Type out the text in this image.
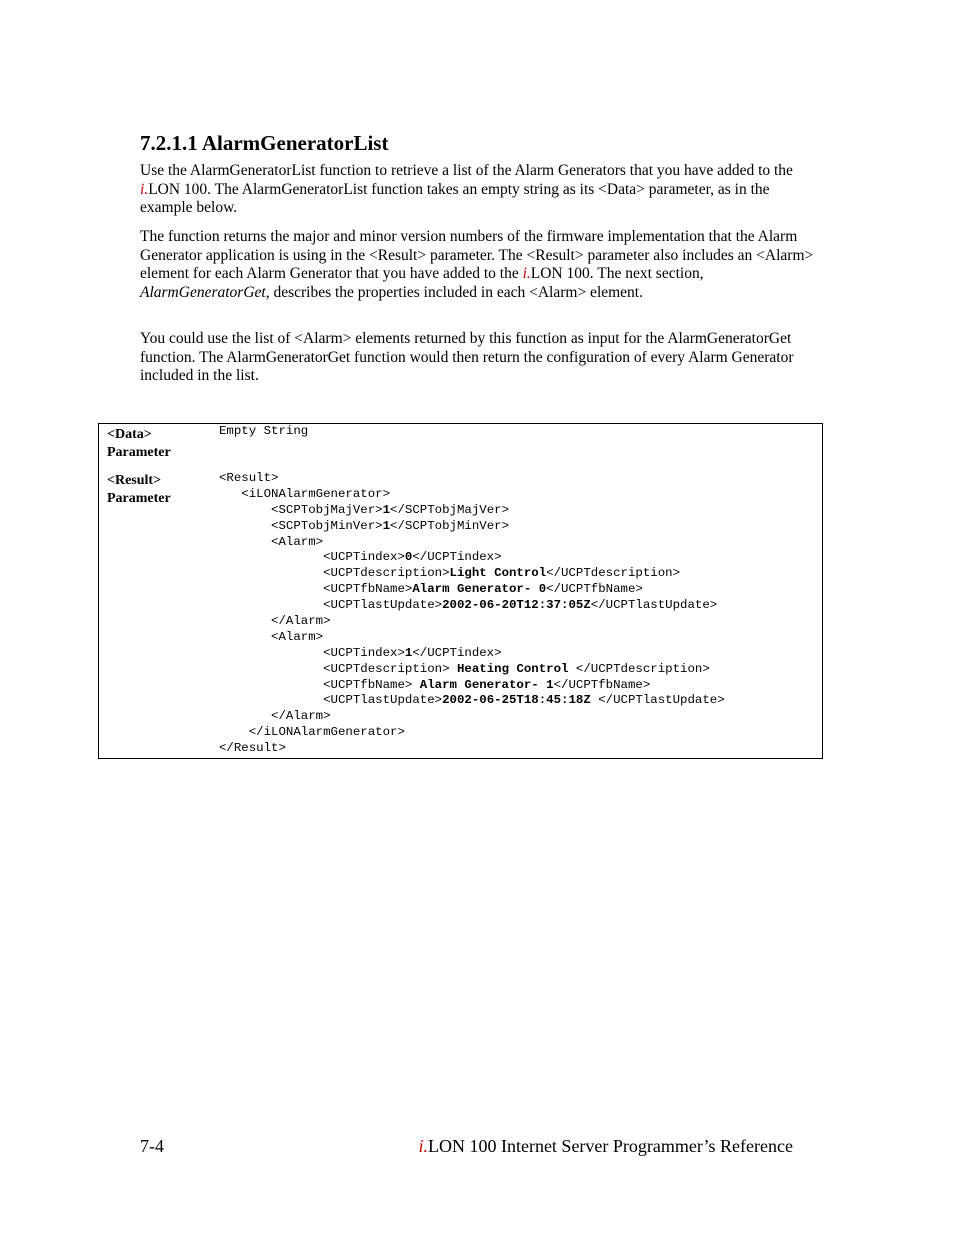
7.2.1.1 AlarmGeneratorList

Use the AlarmGeneratorList function to retrieve a list of the Alarm Generators that you have added to the i.LON 100. The AlarmGeneratorList function takes an empty string as its <Data> parameter, as in the example below.

The function returns the major and minor version numbers of the firmware implementation that the Alarm Generator application is using in the <Result> parameter. The <Result> parameter also includes an <Alarm> element for each Alarm Generator that you have added to the i.LON 100. The next section, AlarmGeneratorGet, describes the properties included in each <Alarm> element.

You could use the list of <Alarm> elements returned by this function as input for the AlarmGeneratorGet function. The AlarmGeneratorGet function would then return the configuration of every Alarm Generator included in the list.

<Data>
Parameter
Empty String
<Result>
Parameter
<Result>
<iLONAlarmGenerator>
<SCPTobjMajVer>1</SCPTobjMajVer>
<SCPTobjMinVer>1</SCPTobjMinVer>
<Alarm>
<UCPTindex>0</UCPTindex>
<UCPTdescription>Light Control</UCPTdescription>
<UCPTfbName>Alarm Generator- 0</UCPTfbName>
<UCPTlastUpdate>2002-06-20T12:37:05Z</UCPTlastUpdate>
</Alarm>
<Alarm>
<UCPTindex>1</UCPTindex>
<UCPTdescription> Heating Control </UCPTdescription>
<UCPTfbName> Alarm Generator- 1</UCPTfbName>
<UCPTlastUpdate>2002-06-25T18:45:18Z </UCPTlastUpdate>
</Alarm>
</iLONAlarmGenerator>
</Result>
7-4	i.LON 100 Internet Server Programmer’s Reference
